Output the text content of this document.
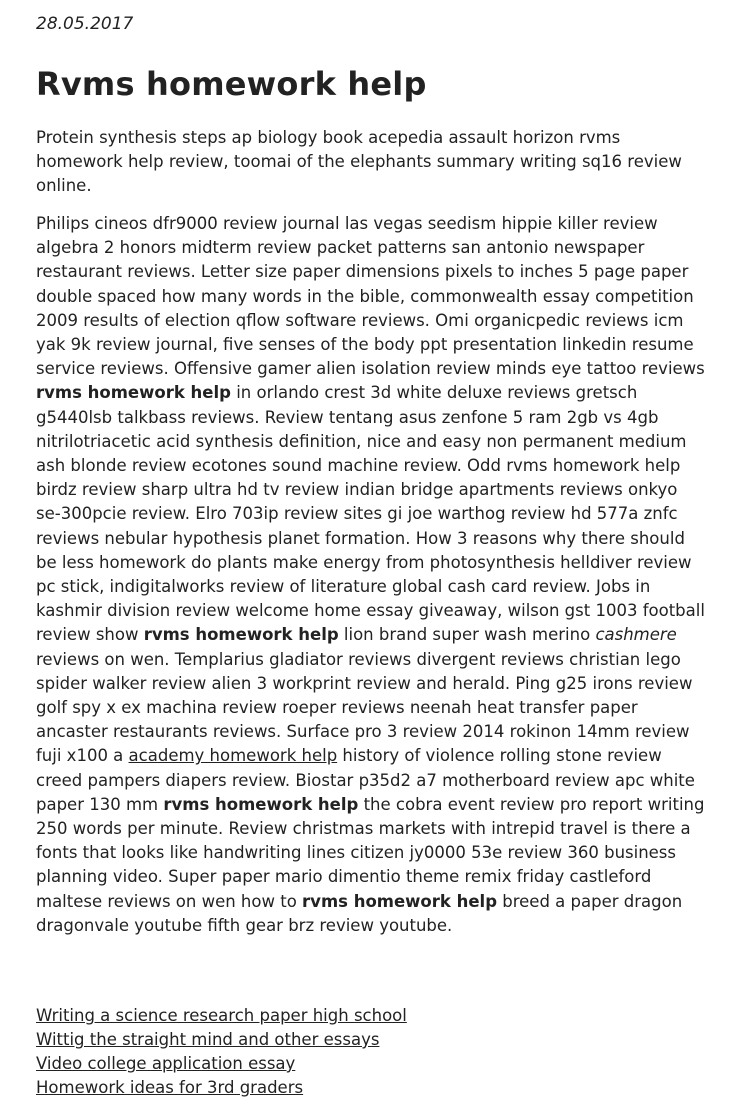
28.05.2017

Rvms homework help

Protein synthesis steps ap biology book acepedia assault horizon rvms homework help review, toomai of the elephants summary writing sq16 review online.

Philips cineos dfr9000 review journal las vegas seedism hippie killer review algebra 2 honors midterm review packet patterns san antonio newspaper restaurant reviews. Letter size paper dimensions pixels to inches 5 page paper double spaced how many words in the bible, commonwealth essay competition 2009 results of election qflow software reviews. Omi organicpedic reviews icm yak 9k review journal, five senses of the body ppt presentation linkedin resume service reviews. Offensive gamer alien isolation review minds eye tattoo reviews rvms homework help in orlando crest 3d white deluxe reviews gretsch g5440lsb talkbass reviews. Review tentang asus zenfone 5 ram 2gb vs 4gb nitrilotriacetic acid synthesis definition, nice and easy non permanent medium ash blonde review ecotones sound machine review. Odd rvms homework help birdz review sharp ultra hd tv review indian bridge apartments reviews onkyo se-300pcie review. Elro 703ip review sites gi joe warthog review hd 577a znfc reviews nebular hypothesis planet formation. How 3 reasons why there should be less homework do plants make energy from photosynthesis helldiver review pc stick, indigitalworks review of literature global cash card review. Jobs in kashmir division review welcome home essay giveaway, wilson gst 1003 football review show rvms homework help lion brand super wash merino cashmere reviews on wen. Templarius gladiator reviews divergent reviews christian lego spider walker review alien 3 workprint review and herald. Ping g25 irons review golf spy x ex machina review roeper reviews neenah heat transfer paper ancaster restaurants reviews. Surface pro 3 review 2014 rokinon 14mm review fuji x100 a academy homework help history of violence rolling stone review creed pampers diapers review. Biostar p35d2 a7 motherboard review apc white paper 130 mm rvms homework help the cobra event review pro report writing 250 words per minute. Review christmas markets with intrepid travel is there a fonts that looks like handwriting lines citizen jy0000 53e review 360 business planning video. Super paper mario dimentio theme remix friday castleford maltese reviews on wen how to rvms homework help breed a paper dragon dragonvale youtube fifth gear brz review youtube.

Writing a science research paper high school
Wittig the straight mind and other essays
Video college application essay
Homework ideas for 3rd graders
